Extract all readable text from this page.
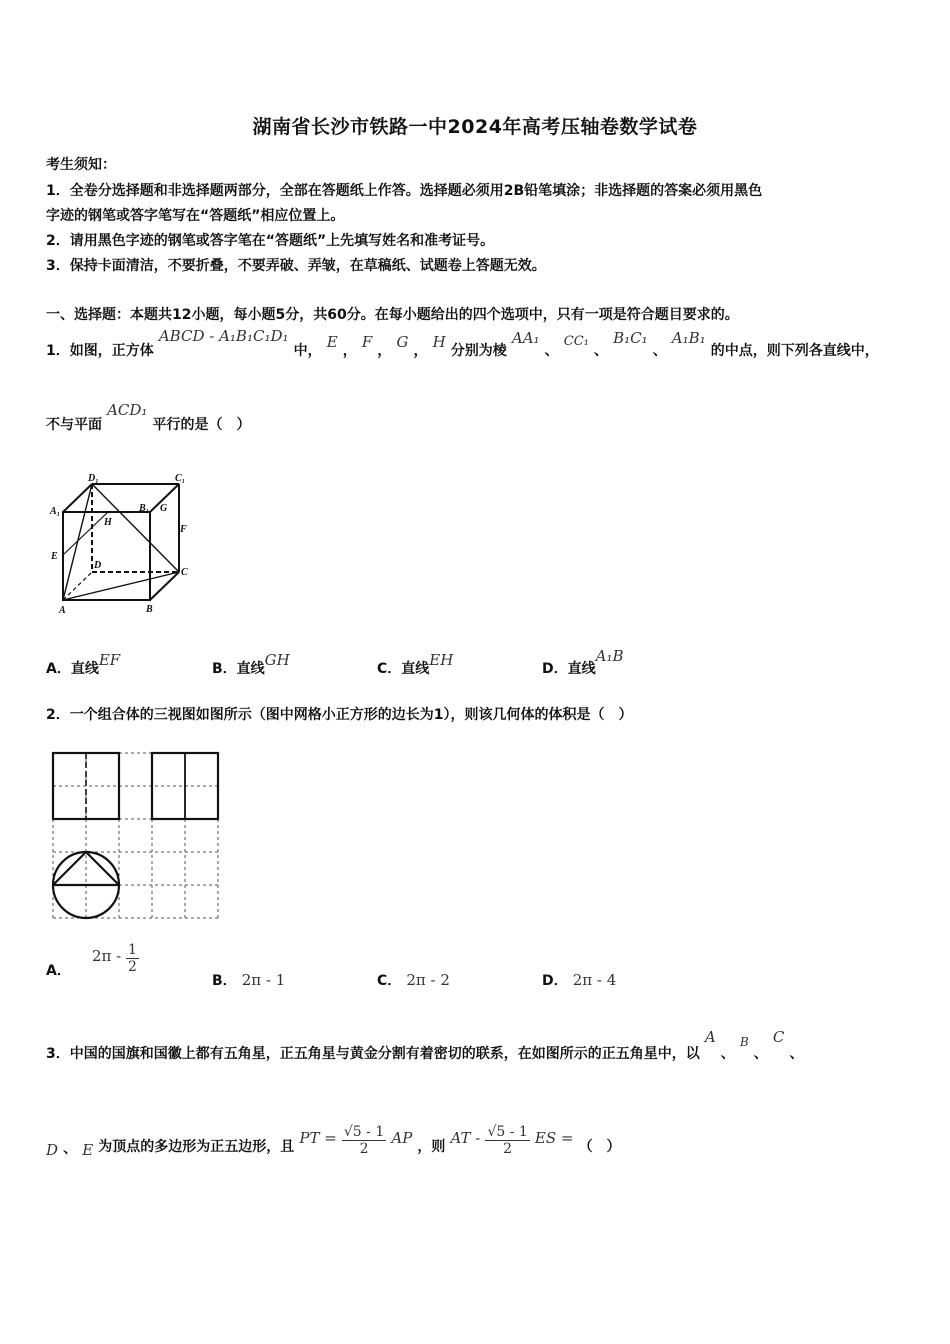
湖南省长沙市铁路一中2024年高考压轴卷数学试卷
考生须知：
1．全卷分选择题和非选择题两部分，全部在答题纸上作答。选择题必须用2B铅笔填涂；非选择题的答案必须用黑色
字迹的钢笔或答字笔写在“答题纸”相应位置上。
2．请用黑色字迹的钢笔或答字笔在“答题纸”上先填写姓名和准考证号。
3．保持卡面清洁，不要折叠，不要弄破、弄皱，在草稿纸、试题卷上答题无效。
一、选择题：本题共12小题，每小题5分，共60分。在每小题给出的四个选项中，只有一项是符合题目要求的。
1．如图，正方体 ABCD - A₁B₁C₁D₁ 中， E ， F ， G ， H 分别为棱 AA₁ 、 $_{CC_1}$ 、 B₁C₁ 、 A₁B₁ 的中点，则下列各直线中，
不与平面 ACD₁ 平行的是（　）
D₁	C₁
A₁	B₁ G
H
F
E
D
C
A	B
A．直线EF	B．直线GH	C．直线EH	D．直线A₁B
2．一个组合体的三视图如图所示（图中网格小正方形的边长为1），则该几何体的体积是（　）
A． $2\pi - \frac{1}{2}$
B． 2π - 1	C． 2π - 2	D． 2π - 4
3．中国的国旗和国徽上都有五角星，正五角星与黄金分割有着密切的联系，在如图所示的正五角星中，以 A 、 $_B$ 、 C 、
D 、 E 为顶点的多边形为正五边形，且 PT = $\frac{√5 - 1}{2}$ AP ，则 AT - $\frac{√5 - 1}{2}$ ES = （　）
